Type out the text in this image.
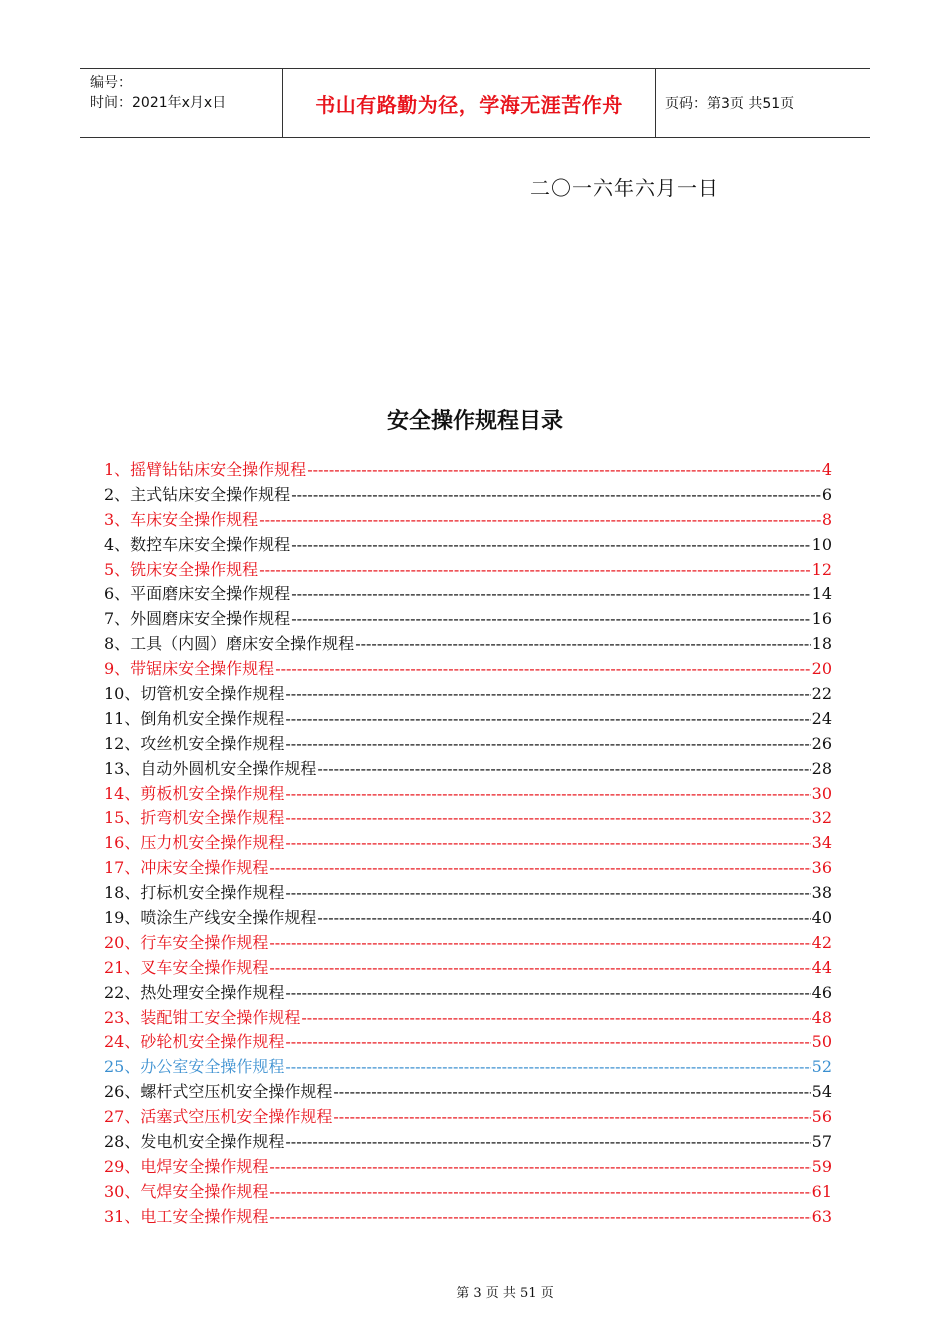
编号：
时间：2021年x月x日	书山有路勤为径，学海无涯苦作舟	页码：第3页 共51页
二〇一六年六月一日
安全操作规程目录
1、摇臂钻钻床安全操作规程 -----	4
2、主式钻床安全操作规程 -----	6
3、车床安全操作规程 -----	8
4、数控车床安全操作规程 -----	10
5、铣床安全操作规程 -----	12
6、平面磨床安全操作规程 -----	14
7、外圆磨床安全操作规程 -----	16
8、工具（内圆）磨床安全操作规程 -----	18
9、带锯床安全操作规程 -----	20
10、切管机安全操作规程 -----	22
11、倒角机安全操作规程 -----	24
12、攻丝机安全操作规程 -----	26
13、自动外圆机安全操作规程 -----	28
14、剪板机安全操作规程 -----	30
15、折弯机安全操作规程 -----	32
16、压力机安全操作规程 -----	34
17、冲床安全操作规程 -----	36
18、打标机安全操作规程 -----	38
19、喷涂生产线安全操作规程 -----	40
20、行车安全操作规程 -----	42
21、叉车安全操作规程 -----	44
22、热处理安全操作规程 -----	46
23、装配钳工安全操作规程 -----	48
24、砂轮机安全操作规程 -----	50
25、办公室安全操作规程 -----	52
26、螺杆式空压机安全操作规程 -----	54
27、活塞式空压机安全操作规程 -----	56
28、发电机安全操作规程 -----	57
29、电焊安全操作规程 -----	59
30、气焊安全操作规程 -----	61
31、电工安全操作规程 -----	63
第 3 页 共 51 页
